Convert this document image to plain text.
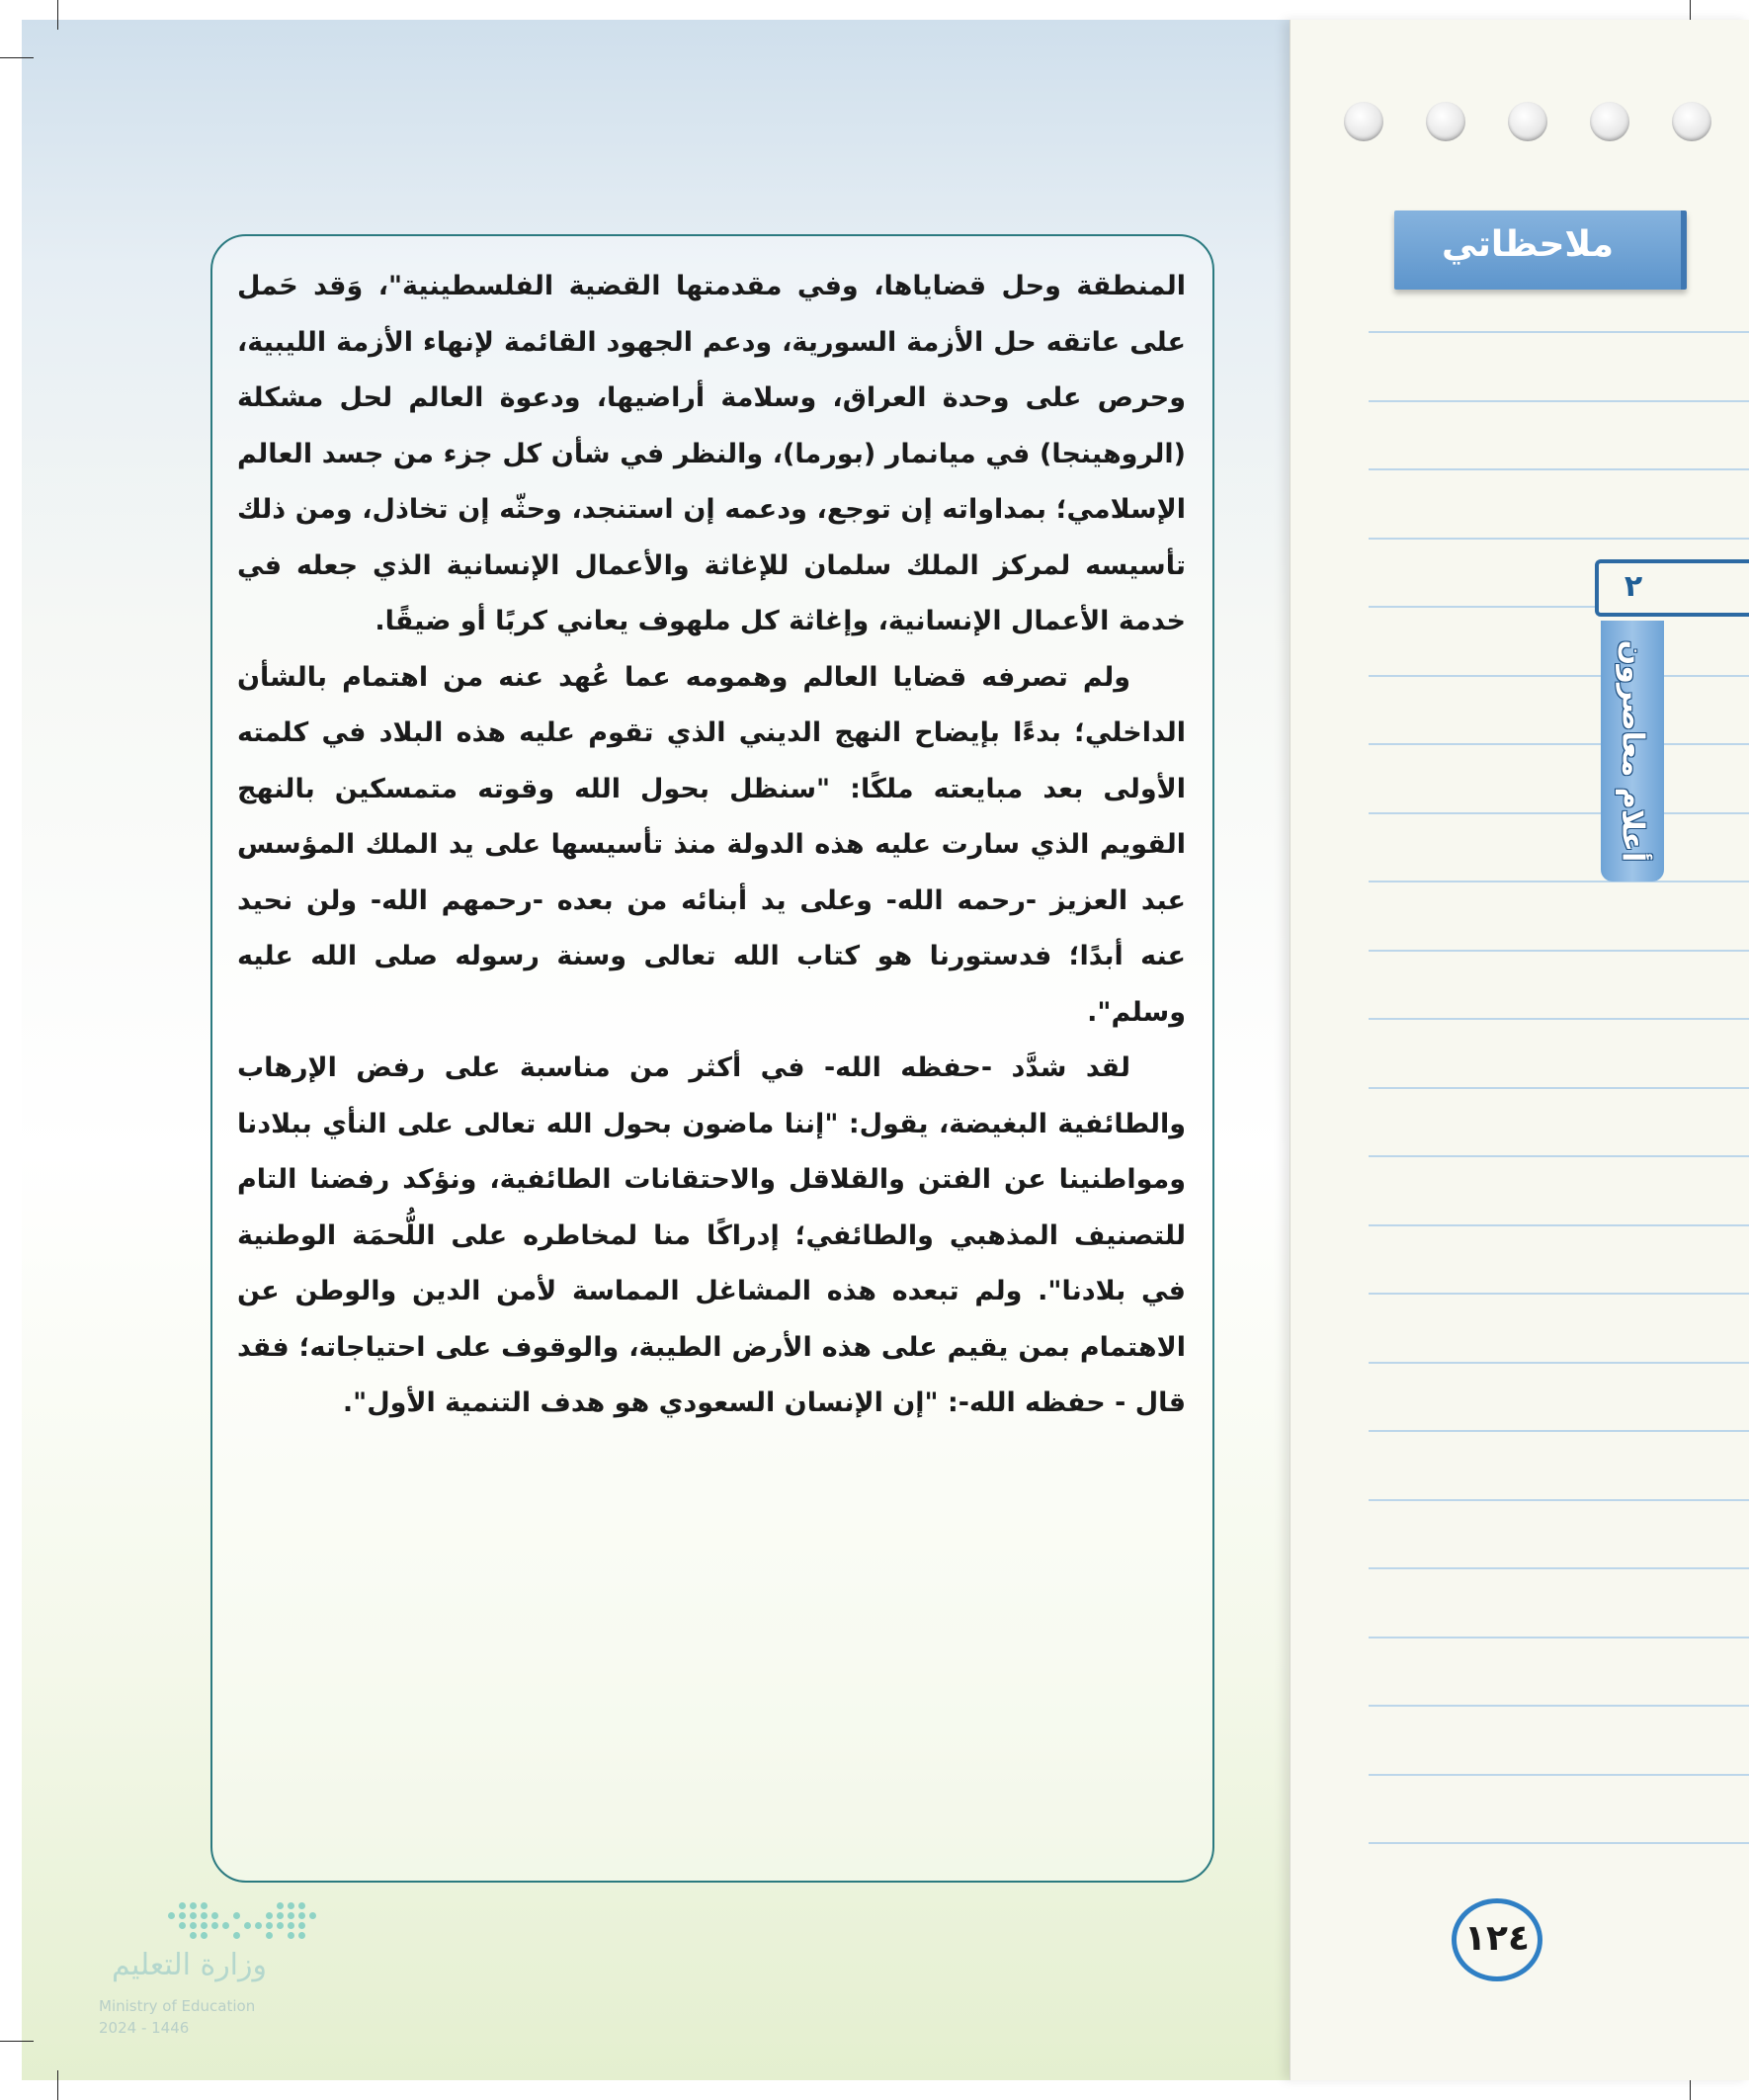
ملاحظاتي
٢
أعلام معاصرون

المنطقة وحل قضاياها، وفي مقدمتها القضية الفلسطينية"، وَقد حَمل على عاتقه حل الأزمة السورية، ودعم الجهود القائمة لإنهاء الأزمة الليبية، وحرص على وحدة العراق، وسلامة أراضيها، ودعوة العالم لحل مشكلة (الروهينجا) في ميانمار (بورما)، والنظر في شأن كل جزء من جسد العالم الإسلامي؛ بمداواته إن توجع، ودعمه إن استنجد، وحثّه إن تخاذل، ومن ذلك تأسيسه لمركز الملك سلمان للإغاثة والأعمال الإنسانية الذي جعله في خدمة الأعمال الإنسانية، وإغاثة كل ملهوف يعاني كربًا أو ضيقًا.

ولم تصرفه قضايا العالم وهمومه عما عُهد عنه من اهتمام بالشأن الداخلي؛ بدءًا بإيضاح النهج الديني الذي تقوم عليه هذه البلاد في كلمته الأولى بعد مبايعته ملكًا: "سنظل بحول الله وقوته متمسكين بالنهج القويم الذي سارت عليه هذه الدولة منذ تأسيسها على يد الملك المؤسس عبد العزيز -رحمه الله- وعلى يد أبنائه من بعده -رحمهم الله- ولن نحيد عنه أبدًا؛ فدستورنا هو كتاب الله تعالى وسنة رسوله صلى الله عليه وسلم".

لقد شدَّد -حفظه الله- في أكثر من مناسبة على رفض الإرهاب والطائفية البغيضة، يقول: "إننا ماضون بحول الله تعالى على النأي ببلادنا ومواطنينا عن الفتن والقلاقل والاحتقانات الطائفية، ونؤكد رفضنا التام للتصنيف المذهبي والطائفي؛ إدراكًا منا لمخاطره على اللُّحمَة الوطنية في بلادنا". ولم تبعده هذه المشاغل المماسة لأمن الدين والوطن عن الاهتمام بمن يقيم على هذه الأرض الطيبة، والوقوف على احتياجاته؛ فقد قال - حفظه الله-: "إن الإنسان السعودي هو هدف التنمية الأول".

١٢٤
وزارة التعليم
Ministry of Education
2024 - 1446
